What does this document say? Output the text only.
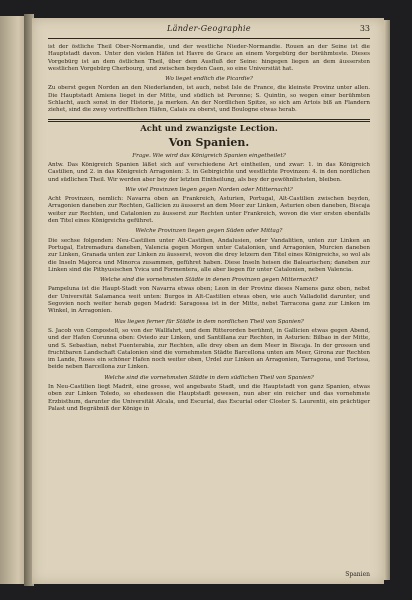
Länder-Geographie	33

ist der östliche Theil Ober-Normandie, und der westliche Nieder-Normandie. Rouen an der Seine ist die Hauptstadt davon. Unter den vielen Häfen ist Havre de Grace an einem Vorgebürg der berühmteste. Dieses Vorgebürg ist an dem östlichen Theil, über dem Ausfluß der Seine: hingegen liegen an dem äussersten westlichen Vorgebürg Cherbourg, und zwischen beyden Caen, so eine Universität hat.

Wo lieget endlich die Picardie?

Zu oberst gegen Norden an den Niederlanden, ist auch, nebst Isle de France, die kleinste Provinz unter allen. Die Hauptstadt Amiens lieget in der Mitte, und südlich ist Peronne; S. Quintin, so wegen einer berühmten Schlacht, auch sonst in der Historie, ja merken. An der Nordlichen Spitze, so sich am Artois biß an Flandern ziehet, sind die zwey vortrefflichen Häfen, Calais zu oberst, und Boulogne etwas herab.

Acht und zwanzigste Lection.

Von Spanien.

Frage. Wie wird das Königreich Spanien eingetheilet?

Antw. Das Königreich Spanien läßet sich auf verschiedene Art eintheilen, und zwar: 1. in das Königreich Castilien, und 2. in das Königreich Arragonien: 3. in Gebirgichte und westlichte Provinzen: 4. in den nordlichen und südlichen Theil. Wir werden aber bey der letzten Eintheilung, als bey der gewöhnlichsten, bleiben.

Wie viel Provinzen liegen gegen Norden oder Mitternacht?

Acht Provinzen, nemlich: Navarra oben an Frankreich, Asturien, Portugal, Alt-Castilien zwischen beyden, Arragonien daneben zur Rechten, Gallicien zu äusserst an dem Meer zur Linken, Asturien oben daneben, Biscaja weiter zur Rechten, und Catalonien zu äusserst zur Rechten unter Frankreich, wovon die vier ersten ebenfalls den Titel eines Königreichs geführet.

Welche Provinzen liegen gegen Süden oder Mittag?

Die sechse folgenden: Neu-Castilien unter Alt-Castilien, Andalusien, oder Vandalitien, unten zur Linken an Portugal, Estremadura daneben, Valencia gegen Morgen unter Catalonien, und Arragonien, Murcien daneben zur Linken, Granada unten zur Linken zu äusserst, wovon die drey letzern den Titel eines Königreichs, so wol als die Inseln Majorca und Minorca zusammen, geführet haben. Diese Inseln heisen die Balearischen; daneben zur Linken sind die Pithyusischen Yvica und Formentera, alle aber liegen für unter Catalonien, neben Valencia.

Welche sind die vornehmsten Städte in denen Provinzen gegen Mitternacht?

Pampeluna ist die Haupt-Stadt von Navarra etwas oben; Leon in der Provinz dieses Namens ganz oben, nebst der Universität Salamanca weit unten: Burgos in Alt-Castilien etwas oben, wie auch Valladolid darunter, und Segovien noch weiter herab gegen Madrid: Saragossa ist in der Mitte, nebst Tarracona ganz zur Linken im Winkel, in Arragonien.

Was liegen ferner für Städte in dem nordlichen Theil von Spanien?

S. Jacob von Compostell, so von der Wallfahrt, und dem Ritterorden berühmt, in Gallicien etwas gegen Abend, und der Hafen Corunna oben: Oviedo zur Linken, und Santillana zur Rechten, in Asturien: Bilbao in der Mitte, und S. Sebastian, nebst Fuenterabia, zur Rechten, alle drey oben an dem Meer in Biscaja. In der grossen und fruchtbaren Landschaft Catalonien sind die vornehmsten Städte Barcellona unten am Meer, Girona zur Rechten im Lande, Roses ein schöner Hafen noch weiter oben, Urdel zur Linken an Arragonien, Tarragona, und Tortosa, beide neben Barcellona zur Linken.

Welche sind die vornehmsten Städte in dem südlichen Theil von Spanien?

In Neu-Castilien liegt Madrit, eine grosse, wol angebaute Stadt, und die Hauptstadt von ganz Spanien, etwas oben zur Linken Toledo, so ehedessen die Hauptstadt gewesen, nun aber ein reicher und das vornehmste Erzbisthum, darunter die Universität Alcala, und Escurial, das Escurial oder Closter S. Laurentii, ein prächtiger Palast und Begräbniß der Könige in

Spanien
